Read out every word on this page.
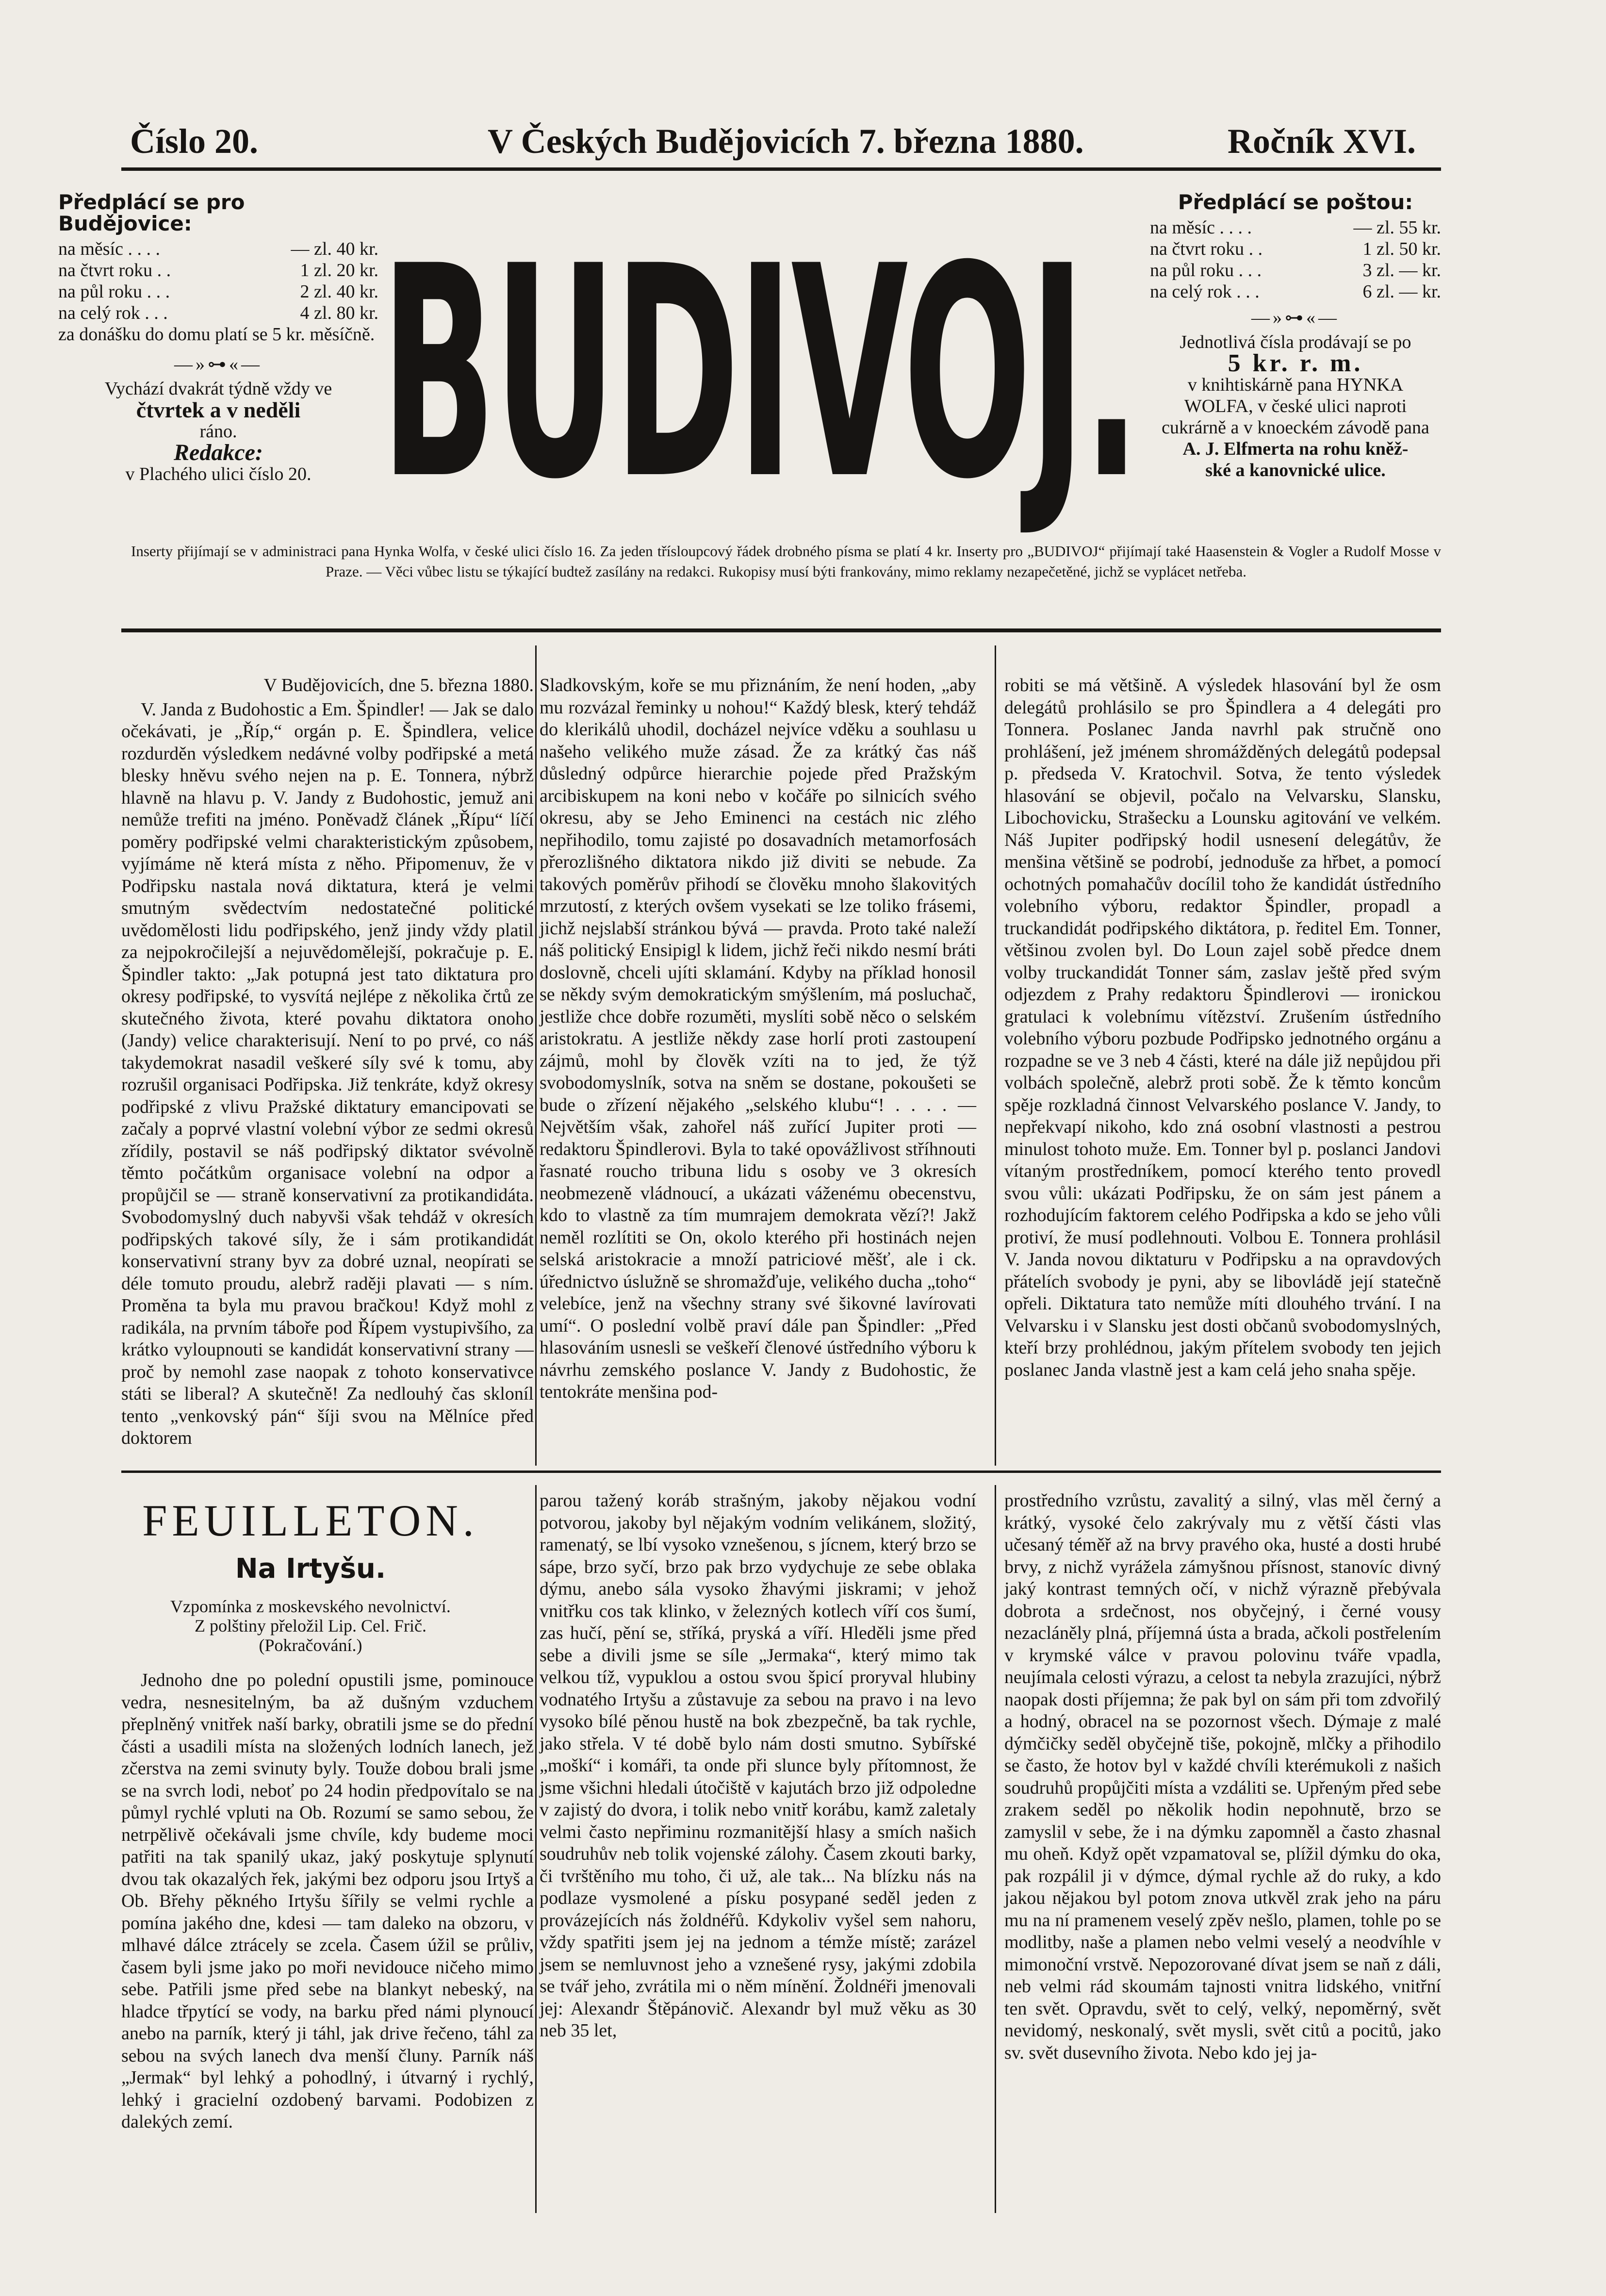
Číslo 20.	V Českých Budějovicích 7. března 1880.	Ročník XVI.
Předplácí se pro Budějovice:
na měsíc . . . .	— zl. 40 kr.
na čtvrt roku . .	1 zl. 20 kr.
na půl roku . . .	2 zl. 40 kr.
na celý rok . . .	4 zl. 80 kr.
za donášku do domu platí se 5 kr. měsíčně.
—»⊶«—
Vychází dvakrát týdně vždy ve
čtvrtek a v neděli
ráno.
Redakce:
v Plachého ulici číslo 20. BUDIVOJ.
Předplácí se poštou:
na měsíc . . . .	— zl. 55 kr.
na čtvrt roku . .	1 zl. 50 kr.
na půl roku . . .	3 zl. — kr.
na celý rok . . .	6 zl. — kr.
—»⊶«—
Jednotlivá čísla prodávají se po
5 kr. r. m.
v knihtiskárně pana HYNKA
WOLFA, v české ulici naproti
cukrárně a v knoeckém závodě pana
A. J. Elfmerta na rohu kněž-
ské a kanovnické ulice.
Inserty přijímají se v administraci pana Hynka Wolfa, v české ulici číslo 16. Za jeden třísloupcový řádek drobného písma se platí 4 kr. Inserty pro „BUDIVOJ“ přijímají také Haasenstein & Vogler a Rudolf Mosse v Praze. — Věci vůbec listu se týkající budtež zasílány na redakci. Rukopisy musí býti frankovány, mimo reklamy nezapečetěné, jichž se vyplácet netřeba.

V Budějovicích, dne 5. března 1880.

V. Janda z Budohostic a Em. Špindler! — Jak se dalo očekávati, je „Říp,“ orgán p. E. Špindlera, velice rozdurděn výsledkem nedávné volby podřipské a metá blesky hněvu svého nejen na p. E. Tonnera, nýbrž hlavně na hlavu p. V. Jandy z Budohostic, jemuž ani nemůže trefiti na jméno. Poněvadž článek „Řípu“ líčí poměry podřipské velmi charakteristickým způsobem, vyjímáme ně která místa z něho. Připomenuv, že v Podřipsku nastala nová diktatura, která je velmi smutným svědectvím nedostatečné politické uvědomělosti lidu podřipského, jenž jindy vždy platil za nejpokročilejší a nejuvědomělejší, pokračuje p. E. Špindler takto: „Jak potupná jest tato diktatura pro okresy podřipské, to vysvítá nejlépe z několika črtů ze skutečného života, které povahu diktatora onoho (Jandy) velice charakterisují. Není to po prvé, co náš takydemokrat nasadil veškeré síly své k tomu, aby rozrušil organisaci Podřipska. Již tenkráte, když okresy podřipské z vlivu Pražské diktatury emancipovati se začaly a poprvé vlastní volební výbor ze sedmi okresů zřídily, postavil se náš podřipský diktator svévolně těmto počátkům organisace volební na odpor a propůjčil se — straně konservativní za protikandidáta. Svobodomyslný duch nabyvši však tehdáž v okresích podřipských takové síly, že i sám protikandidát konservativní strany byv za dobré uznal, neopírati se déle tomuto proudu, alebrž raději plavati — s ním. Proměna ta byla mu pravou bračkou! Když mohl z radikála, na prvním táboře pod Řípem vystupivšího, za krátko vyloupnouti se kandidát konservativní strany — proč by nemohl zase naopak z tohoto konservativce státi se liberal? A skutečně! Za nedlouhý čas skloníl tento „venkovský pán“ šíji svou na Mělníce před doktorem

Sladkovským, koře se mu přiznáním, že není hoden, „aby mu rozvázal řeminky u nohou!“ Každý blesk, který tehdáž do klerikálů uhodil, docházel nejvíce vděku a souhlasu u našeho velikého muže zásad. Že za krátký čas náš důsledný odpůrce hierarchie pojede před Pražským arcibiskupem na koni nebo v kočáře po silnicích svého okresu, aby se Jeho Eminenci na cestách nic zlého nepřihodilo, tomu zajisté po dosavadních metamorfosách přerozlišného diktatora nikdo již diviti se nebude. Za takových poměrův přihodí se člověku mnoho šlakovitých mrzutostí, z kterých ovšem vysekati se lze toliko frásemi, jichž nejslabší stránkou bývá — pravda. Proto také naleží náš politický Ensipigl k lidem, jichž řeči nikdo nesmí bráti doslovně, chceli ujíti sklamání. Kdyby na příklad honosil se někdy svým demokratickým smýšlením, má posluchač, jestliže chce dobře rozuměti, myslíti sobě něco o selském aristokratu. A jestliže někdy zase horlí proti zastoupení zájmů, mohl by člověk vzíti na to jed, že týž svobodomyslník, sotva na sněm se dostane, pokoušeti se bude o zřízení nějakého „selského klubu“! . . . . — Největším však, zahořel náš zuřící Jupiter proti — redaktoru Špindlerovi. Byla to také opovážlivost stříhnouti řasnaté roucho tribuna lidu s osoby ve 3 okresích neobmezeně vládnoucí, a ukázati váženému obecenstvu, kdo to vlastně za tím mumrajem demokrata vězí?! Jakž neměl rozlítiti se On, okolo kterého při hostinách nejen selská aristokracie a množí patriciové měšť, ale i ck. úřednictvo úslužně se shromažďuje, velikého ducha „toho“ velebíce, jenž na všechny strany své šikovné lavírovati umí“. O poslední volbě praví dále pan Špindler: „Před hlasováním usnesli se veškeří členové ústředního výboru k návrhu zemského poslance V. Jandy z Budohostic, že tentokráte menšina pod-

robiti se má většině. A výsledek hlasování byl že osm delegátů prohlásilo se pro Špindlera a 4 delegáti pro Tonnera. Poslanec Janda navrhl pak stručně ono prohlášení, jež jménem shromážděných delegátů podepsal p. předseda V. Kratochvil. Sotva, že tento výsledek hlasování se objevil, počalo na Velvarsku, Slansku, Libochovicku, Strašecku a Lounsku agitování ve velkém. Náš Jupiter podřipský hodil usnesení delegátův, že menšina většině se podrobí, jednoduše za hřbet, a pomocí ochotných pomahačův docílil toho že kandidát ústředního volebního výboru, redaktor Špindler, propadl a truckandidát podřipského diktátora, p. ředitel Em. Tonner, většinou zvolen byl. Do Loun zajel sobě předce dnem volby truckandidát Tonner sám, zaslav ještě před svým odjezdem z Prahy redaktoru Špindlerovi — ironickou gratulaci k volebnímu vítězství. Zrušením ústředního volebního výboru pozbude Podřipsko jednotného orgánu a rozpadne se ve 3 neb 4 části, které na dále již nepůjdou při volbách společně, alebrž proti sobě. Že k těmto koncům spěje rozkladná činnost Velvarského poslance V. Jandy, to nepřekvapí nikoho, kdo zná osobní vlastnosti a pestrou minulost tohoto muže. Em. Tonner byl p. poslanci Jandovi vítaným prostředníkem, pomocí kterého tento provedl svou vůli: ukázati Podřipsku, že on sám jest pánem a rozhodujícím faktorem celého Podřipska a kdo se jeho vůli protiví, že musí podlehnouti. Volbou E. Tonnera prohlásil V. Janda novou diktaturu v Podřipsku a na opravdových přátelích svobody je pyni, aby se libovládě její statečně opřeli. Diktatura tato nemůže míti dlouhého trvání. I na Velvarsku i v Slansku jest dosti občanů svobodomyslných, kteří brzy prohlédnou, jakým přítelem svobody ten jejich poslanec Janda vlastně jest a kam celá jeho snaha spěje.

FEUILLETON.
Na Irtyšu.
Vzpomínka z moskevského nevolnictví.
Z polštiny přeložil Lip. Cel. Frič.
(Pokračování.)

Jednoho dne po polední opustili jsme, pominouce vedra, nesnesitelným, ba až dušným vzduchem přeplněný vnitřek naší barky, obratili jsme se do přední části a usadili místa na složených lodních lanech, jež zčerstva na zemi svinuty byly. Touže dobou brali jsme se na svrch lodi, neboť po 24 hodin předpovítalo se na půmyl rychlé vpluti na Ob. Rozumí se samo sebou, že netrpělivě očekávali jsme chvíle, kdy budeme moci patřiti na tak spanilý ukaz, jaký poskytuje splynutí dvou tak okazalých řek, jakými bez odporu jsou Irtyš a Ob. Břehy pěkného Irtyšu šířily se velmi rychle a pomína jakého dne, kdesi — tam daleko na obzoru, v mlhavé dálce ztrácely se zcela. Časem úžil se průliv, časem byli jsme jako po moři nevidouce ničeho mimo sebe. Patřili jsme před sebe na blankyt nebeský, na hladce třpytící se vody, na barku před námi plynoucí anebo na parník, který ji táhl, jak drive řečeno, táhl za sebou na svých lanech dva menší čluny. Parník náš „Jermak“ byl lehký a pohodlný, i útvarný i rychlý, lehký i gracielní ozdobený barvami. Podobizen z dalekých zemí.

parou tažený koráb strašným, jakoby nějakou vodní potvorou, jakoby byl nějakým vodním velikánem, složitý, ramenatý, se lbí vysoko vznešenou, s jícnem, který brzo se sápe, brzo syčí, brzo pak brzo vydychuje ze sebe oblaka dýmu, anebo sála vysoko žhavými jiskrami; v jehož vnitřku cos tak klinko, v železných kotlech víří cos šumí, zas hučí, pění se, stříká, pryská a víří. Hleděli jsme před sebe a divili jsme se síle „Jermaka“, který mimo tak velkou tíž, vypuklou a ostou svou špicí proryval hlubiny vodnatého Irtyšu a zůstavuje za sebou na pravo i na levo vysoko bílé pěnou hustě na bok zbezpečně, ba tak rychle, jako střela. V té době bylo nám dosti smutno. Sybířské „moškí“ i komáři, ta onde při slunce byly přítomnost, že jsme všichni hledali útočiště v kajutách brzo již odpoledne v zajistý do dvora, i tolik nebo vnitř korábu, kamž zaletaly velmi často nepřiminu rozmanitější hlasy a smích našich soudruhův neb tolik vojenské zálohy. Časem zkouti barky, či tvrštěního mu toho, či už, ale tak... Na blízku nás na podlaze vysmolené a písku posypané seděl jeden z provázejících nás žoldnéřů. Kdykoliv vyšel sem nahoru, vždy spatřiti jsem jej na jednom a témže místě; zarázel jsem se nemluvnost jeho a vznešené rysy, jakými zdobila se tvář jeho, zvrátila mi o něm mínění. Žoldnéři jmenovali jej: Alexandr Štěpánovič. Alexandr byl muž věku as 30 neb 35 let,

prostředního vzrůstu, zavalitý a silný, vlas měl černý a krátký, vysoké čelo zakrývaly mu z větší části vlas učesaný téměř až na brvy pravého oka, husté a dosti hrubé brvy, z nichž vyrážela zámyšnou přísnost, stanovíc divný jaký kontrast temných očí, v nichž výrazně přebývala dobrota a srdečnost, nos obyčejný, i černé vousy nezacláněly plná, příjemná ústa a brada, ačkoli postřelením v krymské válce v pravou polovinu tváře vpadla, neujímala celosti výrazu, a celost ta nebyla zrazujíci, nýbrž naopak dosti příjemna; že pak byl on sám při tom zdvořilý a hodný, obracel na se pozornost všech. Dýmaje z malé dýmčičky seděl obyčejně tiše, pokojně, mlčky a přihodilo se často, že hotov byl v každé chvíli kterémukoli z našich soudruhů propůjčiti místa a vzdáliti se. Upřeným před sebe zrakem seděl po několik hodin nepohnutě, brzo se zamyslil v sebe, že i na dýmku zapomněl a často zhasnal mu oheň. Když opět vzpamatoval se, plížil dýmku do oka, pak rozpálil ji v dýmce, dýmal rychle až do ruky, a kdo jakou nějakou byl potom znova utkvěl zrak jeho na páru mu na ní pramenem veselý zpěv nešlo, plamen, tohle po se modlitby, naše a plamen nebo velmi veselý a neodvíhle v mimonoční vrstvě. Nepozorované dívat jsem se naň z dáli, neb velmi rád skoumám tajnosti vnitra lidského, vnitřní ten svět. Opravdu, svět to celý, velký, nepoměrný, svět nevidomý, neskonalý, svět mysli, svět citů a pocitů, jako sv. svět dusevního života. Nebo kdo jej ja-
